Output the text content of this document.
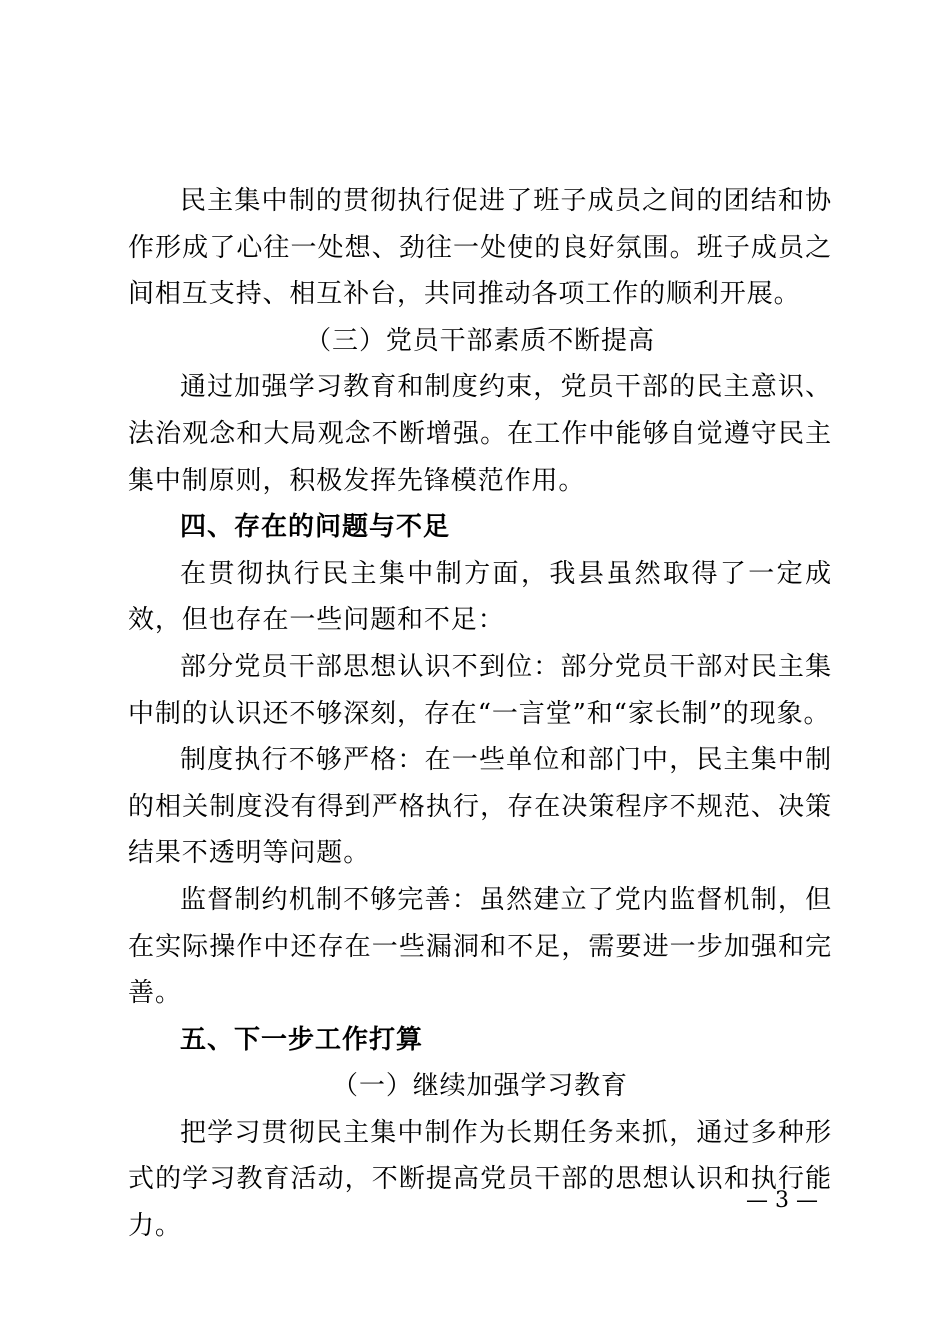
民主集中制的贯彻执行促进了班子成员之间的团结和协作形成了心往一处想、劲往一处使的良好氛围。班子成员之间相互支持、相互补台，共同推动各项工作的顺利开展。

（三）党员干部素质不断提高

通过加强学习教育和制度约束，党员干部的民主意识、法治观念和大局观念不断增强。在工作中能够自觉遵守民主集中制原则，积极发挥先锋模范作用。

四、存在的问题与不足

在贯彻执行民主集中制方面，我县虽然取得了一定成效，但也存在一些问题和不足：

部分党员干部思想认识不到位：部分党员干部对民主集中制的认识还不够深刻，存在“一言堂”和“家长制”的现象。

制度执行不够严格：在一些单位和部门中，民主集中制的相关制度没有得到严格执行，存在决策程序不规范、决策结果不透明等问题。

监督制约机制不够完善：虽然建立了党内监督机制，但在实际操作中还存在一些漏洞和不足，需要进一步加强和完善。

五、下一步工作打算

（一）继续加强学习教育

把学习贯彻民主集中制作为长期任务来抓，通过多种形式的学习教育活动，不断提高党员干部的思想认识和执行能力。

— 3 —
